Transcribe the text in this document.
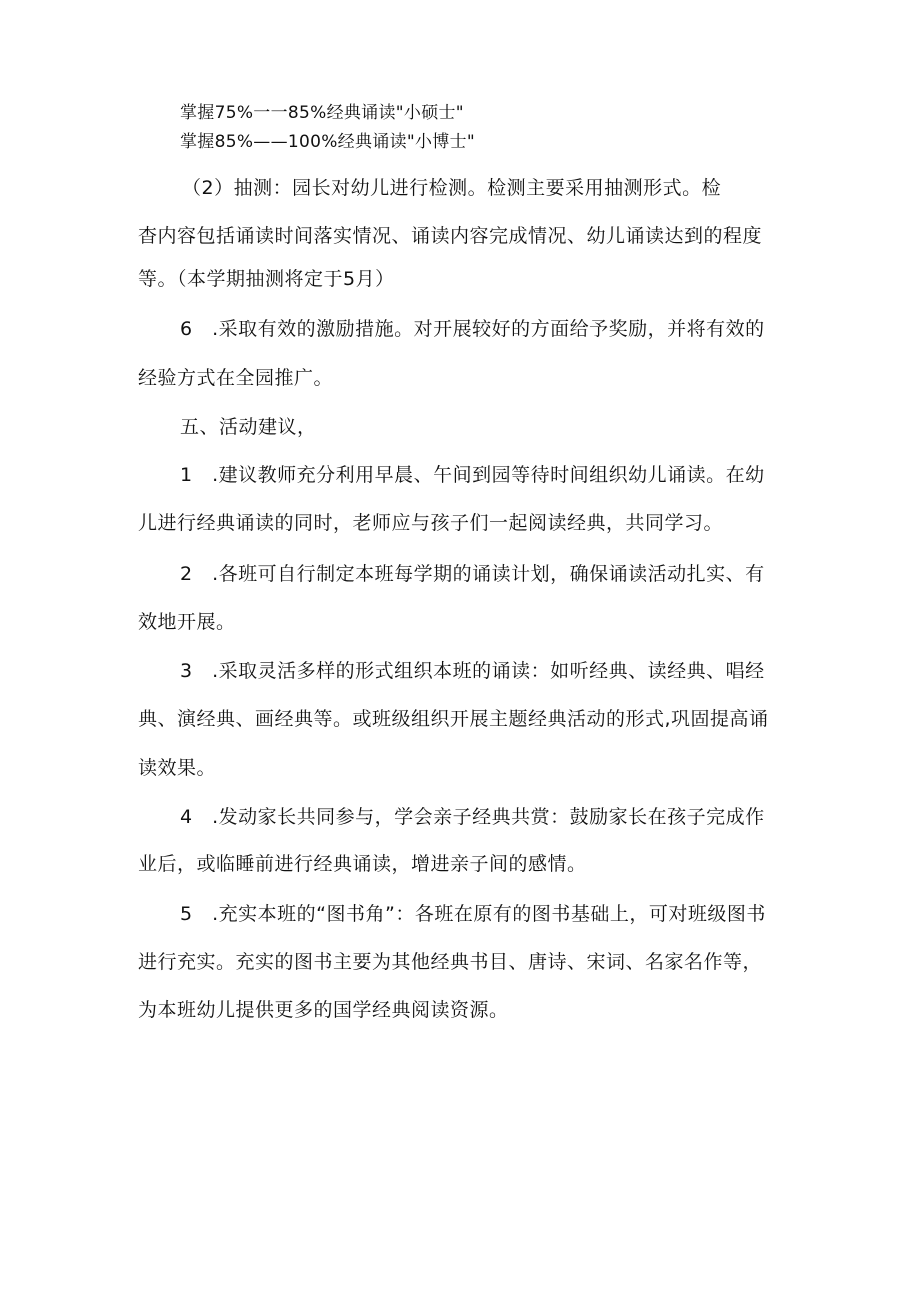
掌握75%一一85%经典诵读"小硕士"
掌握85%——100%经典诵读"小博士"
（2）抽测：园长对幼儿进行检测。检测主要采用抽测形式。检
杳内容包括诵读时间落实情况、诵读内容完成情况、幼儿诵读达到的程度
等。（本学期抽测将定于5月）
6　.采取有效的激励措施。对开展较好的方面给予奖励，并将有效的
经验方式在全园推广。
五、活动建议，
1　.建议教师充分利用早晨、午间到园等待时间组织幼儿诵读。在幼
儿进行经典诵读的同时，老师应与孩子们一起阅读经典，共同学习。
2　.各班可自行制定本班每学期的诵读计划，确保诵读活动扎实、有
效地开展。
3　.采取灵活多样的形式组织本班的诵读：如听经典、读经典、唱经
典、演经典、画经典等。或班级组织开展主题经典活动的形式,巩固提高诵
读效果。
4　.发动家长共同参与，学会亲子经典共赏：鼓励家长在孩子完成作
业后，或临睡前进行经典诵读，增进亲子间的感情。
5　.充实本班的“图书角”：各班在原有的图书基础上，可对班级图书
进行充实。充实的图书主要为其他经典书目、唐诗、宋词、名家名作等，
为本班幼儿提供更多的国学经典阅读资源。
